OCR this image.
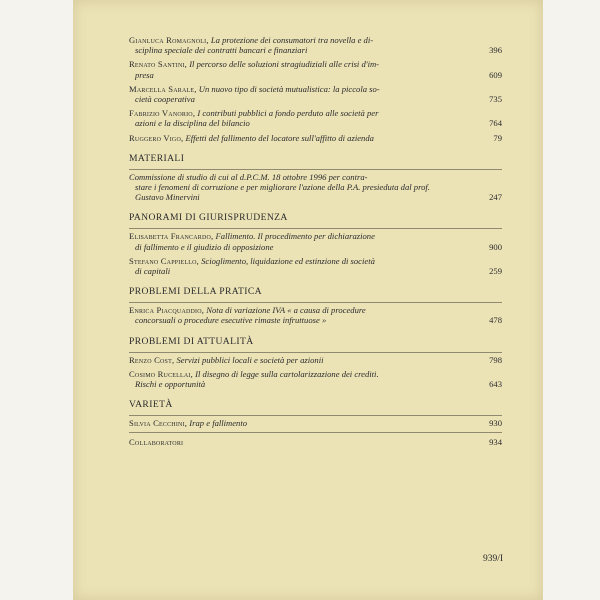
Gianluca Romagnoli, La protezione dei consumatori tra novella e di-
sciplina speciale dei contratti bancari e finanziari	396
Renato Santini, Il percorso delle soluzioni stragiudiziali alle crisi d'im-
presa	609
Marcella Sarale, Un nuovo tipo di società mutualistica: la piccola so-
cietà cooperativa	735
Fabrizio Vanorio, I contributi pubblici a fondo perduto alle società per
azioni e la disciplina del bilancio	764
Ruggero Vigo, Effetti del fallimento del locatore sull'affitto di azienda	79
MATERIALI
Commissione di studio di cui al d.P.C.M. 18 ottobre 1996 per contra-
stare i fenomeni di corruzione e per migliorare l'azione della P.A. presieduta dal prof. Gustavo Minervini	247
PANORAMI DI GIURISPRUDENZA
Elisabetta Francardo, Fallimento. Il procedimento per dichiarazione
di fallimento e il giudizio di opposizione	900
Stefano Cappiello, Scioglimento, liquidazione ed estinzione di società
di capitali	259
PROBLEMI DELLA PRATICA
Enrica Piacquaddio, Nota di variazione IVA « a causa di procedure
concorsuali o procedure esecutive rimaste infruttuose »	478
PROBLEMI DI ATTUALITÀ
Renzo Cost, Servizi pubblici locali e società per azionii	798
Cosimo Rucellai, Il disegno di legge sulla cartolarizzazione dei crediti.
Rischi e opportunità	643
VARIETÀ
Silvia Cecchini, Irap e fallimento	930
Collaboratori	934
939/I
